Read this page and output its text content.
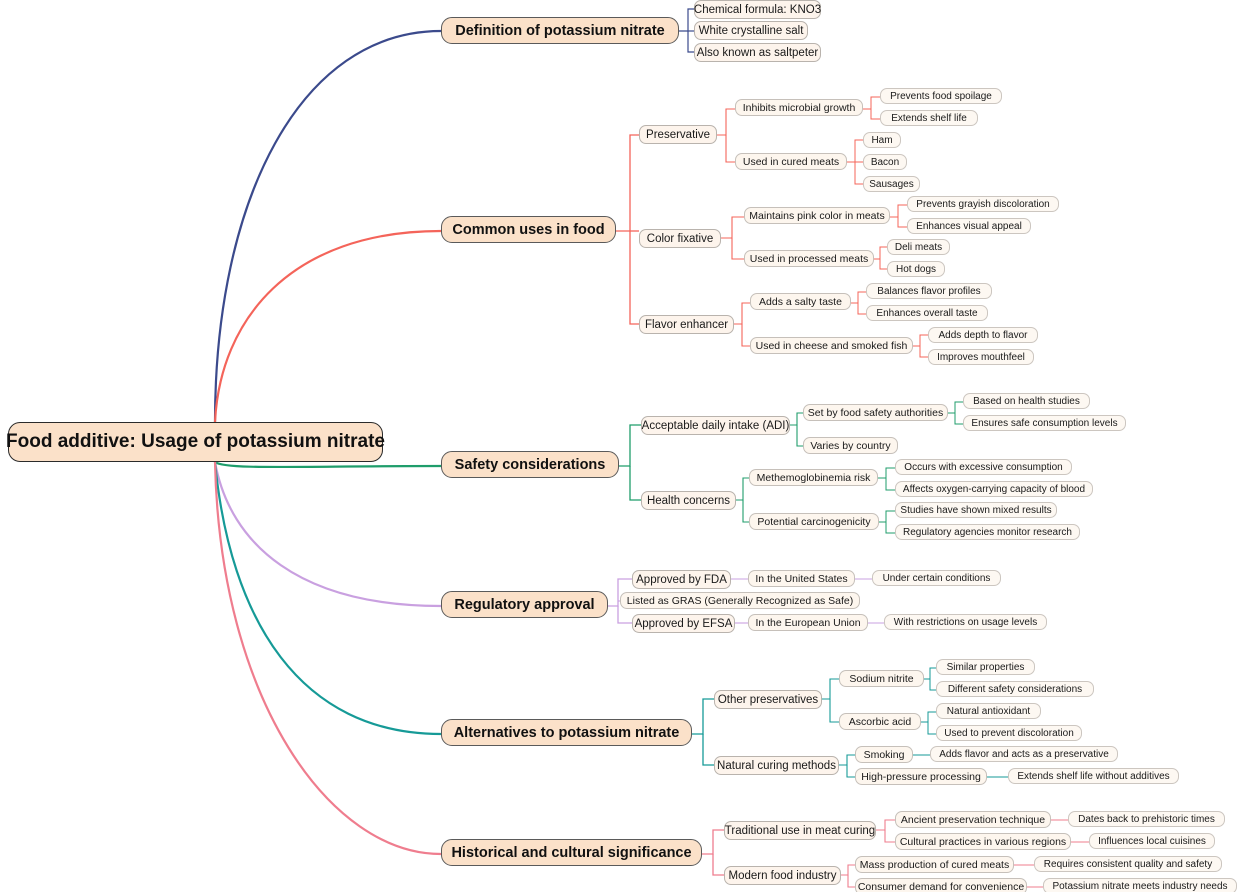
Food additive: Usage of potassium nitrate
Definition of potassium nitrate
Chemical formula: KNO3
White crystalline salt
Also known as saltpeter
Common uses in food
Preservative
Inhibits microbial growth
Prevents food spoilage
Extends shelf life
Used in cured meats
Ham
Bacon
Sausages
Color fixative
Maintains pink color in meats
Prevents grayish discoloration
Enhances visual appeal
Used in processed meats
Deli meats
Hot dogs
Flavor enhancer
Adds a salty taste
Balances flavor profiles
Enhances overall taste
Used in cheese and smoked fish
Adds depth to flavor
Improves mouthfeel
Safety considerations
Acceptable daily intake (ADI)
Set by food safety authorities
Based on health studies
Ensures safe consumption levels
Varies by country
Health concerns
Methemoglobinemia risk
Occurs with excessive consumption
Affects oxygen-carrying capacity of blood
Potential carcinogenicity
Studies have shown mixed results
Regulatory agencies monitor research
Regulatory approval
Approved by FDA	In the United States	Under certain conditions
Listed as GRAS (Generally Recognized as Safe)
Approved by EFSA In the European Union	With restrictions on usage levels
Alternatives to potassium nitrate
Other preservatives
Sodium nitrite
Similar properties
Different safety considerations
Ascorbic acid
Natural antioxidant
Used to prevent discoloration
Natural curing methods
Smoking	Adds flavor and acts as a preservative
High-pressure processing	Extends shelf life without additives
Historical and cultural significance
Traditional use in meat curing
Ancient preservation technique	Dates back to prehistoric times
Cultural practices in various regions	Influences local cuisines
Modern food industry
Mass production of cured meats	Requires consistent quality and safety
Consumer demand for convenience	Potassium nitrate meets industry needs
